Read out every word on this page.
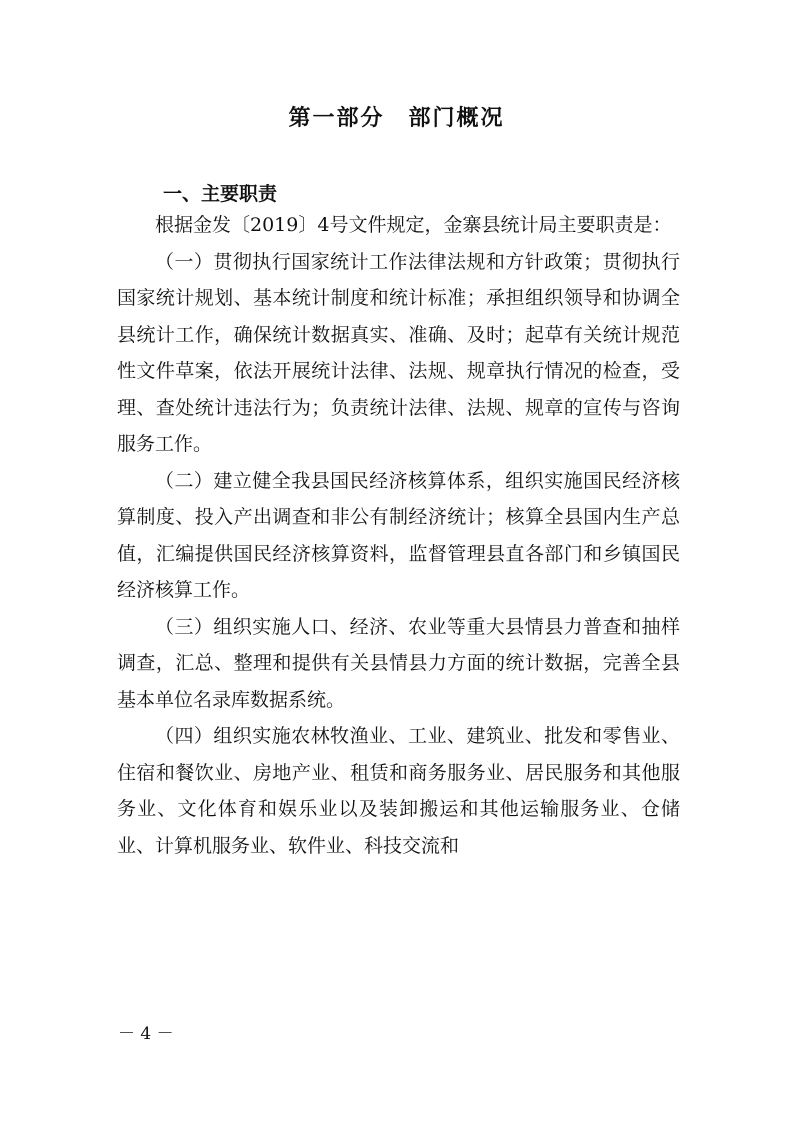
第一部分　部门概况
一、主要职责

根据金发〔2019〕4号文件规定，金寨县统计局主要职责是：

（一）贯彻执行国家统计工作法律法规和方针政策；贯彻执行国家统计规划、基本统计制度和统计标准；承担组织领导和协调全县统计工作，确保统计数据真实、准确、及时；起草有关统计规范性文件草案，依法开展统计法律、法规、规章执行情况的检查，受理、查处统计违法行为；负责统计法律、法规、规章的宣传与咨询服务工作。

（二）建立健全我县国民经济核算体系，组织实施国民经济核算制度、投入产出调查和非公有制经济统计；核算全县国内生产总值，汇编提供国民经济核算资料，监督管理县直各部门和乡镇国民经济核算工作。

（三）组织实施人口、经济、农业等重大县情县力普查和抽样调查，汇总、整理和提供有关县情县力方面的统计数据，完善全县基本单位名录库数据系统。

（四）组织实施农林牧渔业、工业、建筑业、批发和零售业、住宿和餐饮业、房地产业、租赁和商务服务业、居民服务和其他服务业、文化体育和娱乐业以及装卸搬运和其他运输服务业、仓储业、计算机服务业、软件业、科技交流和

－ 4 －
